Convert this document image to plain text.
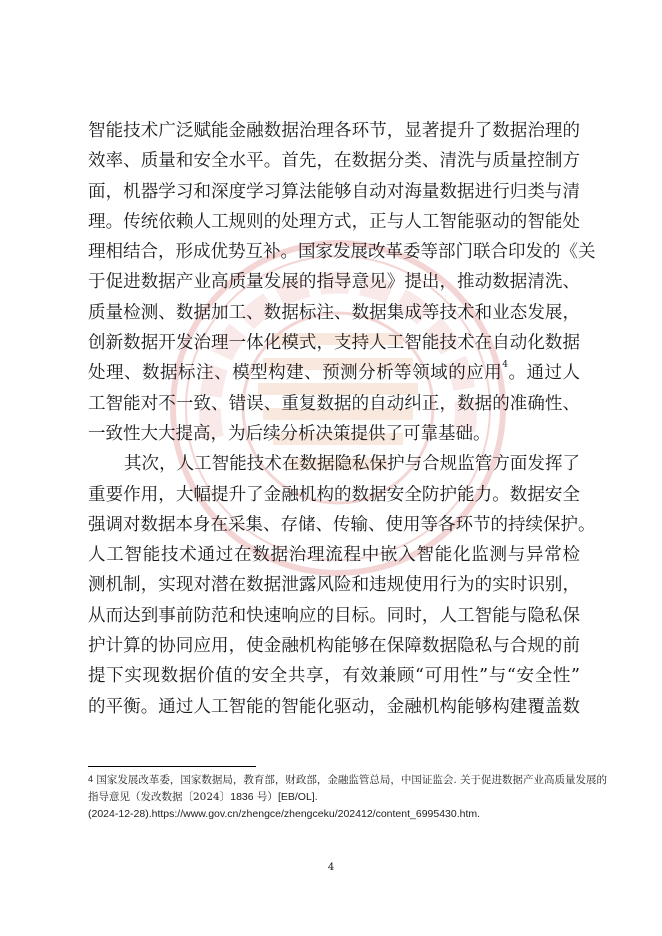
智能技术广泛赋能金融数据治理各环节，显著提升了数据治理的
效率、质量和安全水平。首先，在数据分类、清洗与质量控制方
面，机器学习和深度学习算法能够自动对海量数据进行归类与清
理。传统依赖人工规则的处理方式，正与人工智能驱动的智能处
理相结合，形成优势互补。国家发展改革委等部门联合印发的《关
于促进数据产业高质量发展的指导意见》提出，推动数据清洗、
质量检测、数据加工、数据标注、数据集成等技术和业态发展，
创新数据开发治理一体化模式，支持人工智能技术在自动化数据
处理、数据标注、模型构建、预测分析等领域的应用$^4$。通过人
工智能对不一致、错误、重复数据的自动纠正，数据的准确性、
一致性大大提高，为后续分析决策提供了可靠基础。
其次，人工智能技术在数据隐私保护与合规监管方面发挥了
重要作用，大幅提升了金融机构的数据安全防护能力。数据安全
强调对数据本身在采集、存储、传输、使用等各环节的持续保护。
人工智能技术通过在数据治理流程中嵌入智能化监测与异常检
测机制，实现对潜在数据泄露风险和违规使用行为的实时识别，
从而达到事前防范和快速响应的目标。同时，人工智能与隐私保
护计算的协同应用，使金融机构能够在保障数据隐私与合规的前
提下实现数据价值的安全共享，有效兼顾“可用性”与“安全性”
的平衡。通过人工智能的智能化驱动，金融机构能够构建覆盖数
$^4$ 国家发展改革委，国家数据局，教育部，财政部，金融监管总局，中国证监会. 关于促进数据产业高质量发展的
指导意见（发改数据〔2024〕1836 号）[EB/OL].
(2024-12-28).https://www.gov.cn/zhengce/zhengceku/202412/content_6995430.htm.
4
